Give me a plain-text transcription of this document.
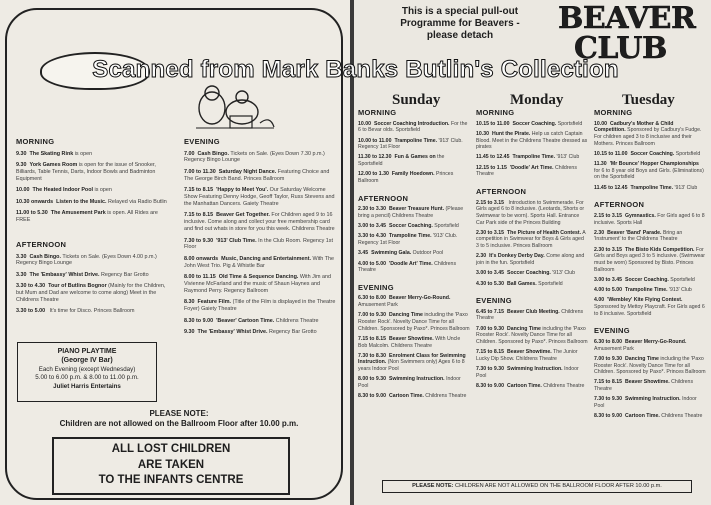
MORNING
9.30 The Skating Rink is open
9.30 York Games Room is open for the issue of Snooker, Billiards, Table Tennis, Darts, Indoor Bowls and Badminton Equipment
10.00 The Heated Indoor Pool is open
10.30 onwards Listen to the Music. Relayed via Radio Butlin
11.00 to 5.30 The Amusement Park is open. All Rides are FREE
AFTERNOON
3.30 Cash Bingo. Tickets on Sale. (Eyes Down 4.00 p.m.) Regency Bingo Lounge
3.30 The 'Embassy' Whist Drive. Regency Bar Grotto
3.30 to 4.30 Tour of Butlins Bognor (Mainly for the Children, but Mum and Dad are welcome to come along) Meet in the Childrens Theatre
3.30 to 5.00 It's time for Disco. Princes Ballroom
EVENING
7.00 Cash Bingo. Tickets on Sale. (Eyes Down 7.30 p.m.) Regency Bingo Lounge
7.00 to 11.30 Saturday Night Dance. Featuring Choice and The George Birch Band. Princes Ballroom
7.15 to 8.15 'Happy to Meet You'. Our Saturday Welcome Show Featuring Denny Hodge, Geoff Taylor, Russ Stevens and the Manhattan Dancers. Gaiety Theatre
7.15 to 8.15 Beaver Get Together. For Children aged 9 to 16 inclusive. Come along and collect your free membership card and find out whats in store for you this week. Childrens Theatre
7.30 to 9.30 '913' Club Time. In the Club Room. Regency 1st Floor
8.00 onwards Music, Dancing and Entertainment. With The John West Trio. Pig & Whistle Bar
8.00 to 11.15 Old Time & Sequence Dancing. With Jim and Vivienne McFarland and the music of Shaun Haynes and Raymond Perry. Regency Ballroom
8.30 Feature Film. (Title of the Film is displayed in the Theatre Foyer) Gaiety Theatre
8.30 to 9.00 'Beaver' Cartoon Time. Childrens Theatre
9.30 The 'Embassy' Whist Drive. Regency Bar Grotto
PIANO PLAYTIME
(George IV Bar)
Each Evening (except Wednesday)
5.00 to 6.00 p.m. & 8.00 to 11.00 p.m.
Juliet Harris Entertains
PLEASE NOTE:
Children are not allowed on the Ballroom Floor after 10.00 p.m.
ALL LOST CHILDREN
ARE TAKEN
TO THE INFANTS CENTRE
This is a special pull-out
Programme for Beavers -
please detach	BEAVER
CLUB
Sunday	Monday	Tuesday
MORNING
10.00 Soccer Coaching Introduction. For the 6 to Bevar olds. Sportsfield
10.00 to 11.00 Trampoline Time. '913' Club. Regency 1st Floor
11.30 to 12.30 Fun & Games on the Sportsfield
12.00 to 1.30 Family Hoedown. Princes Ballroom
AFTERNOON
2.30 to 3.30 Beaver Treasure Hunt. (Please bring a pencil) Childrens Theatre
3.00 to 3.45 Soccer Coaching. Sportsfield
3.30 to 4.30 Trampoline Time. '913' Club. Regency 1st Floor
3.45 Swimming Gala. Outdoor Pool
4.00 to 5.00 'Doodle Art' Time. Childrens Theatre
EVENING
6.30 to 8.00 Beaver Merry-Go-Round. Amusement Park
7.00 to 9.30 Dancing Time including the 'Paxo Rooster Rock'. Novelty Dance Time for all Children. Sponsored by Paxo*. Princes Ballroom
7.15 to 8.15 Beaver Showtime. With Uncle Bob Malcolm. Childrens Theatre
7.30 to 8.30 Enrolment Class for Swimming Instruction. (Non Swimmers only) Ages 6 to 8 years Indoor Pool
8.00 to 9.30 Swimming Instruction. Indoor Pool
8.30 to 9.00 Cartoon Time. Childrens Theatre
MORNING
10.15 to 11.00 Soccer Coaching. Sportsfield
10.30 Hunt the Pirate. Help us catch Captain Blood. Meet in the Childrens Theatre dressed as pirates
11.45 to 12.45 Trampoline Time. '913' Club
12.15 to 1.15 'Doodle' Art Time. Childrens Theatre
AFTERNOON
2.15 to 3.15 Introduction to Swimmerade. For Girls aged 6 to 8 inclusive. (Leotards, Shorts or Swimwear to be worn). Sports Hall. Entrance Car Park side of the Princes Building
2.30 to 3.15 The Picture of Health Contest. A competition in Swimwear for Boys & Girls aged 3 to 5 inclusive. Princes Ballroom
2.30 It's Donkey Derby Day. Come along and join in the fun. Sportsfield
3.00 to 3.45 Soccer Coaching. '913' Club
4.30 to 5.30 Ball Games. Sportsfield
EVENING
6.45 to 7.15 Beaver Club Meeting. Childrens Theatre
7.00 to 9.30 Dancing Time including the 'Paxo Rooster Rock'. Novelty Dance Time for all Children. Sponsored by Paxo*. Princes Ballroom
7.15 to 8.15 Beaver Showtime. The Junior Lucky Dip Show. Childrens Theatre
7.30 to 9.30 Swimming Instruction. Indoor Pool
8.30 to 9.00 Cartoon Time. Childrens Theatre
MORNING
10.00 Cadbury's Mother & Child Competition. Sponsored by Cadbury's Fudge. For children aged 3 to 8 inclusive and their Mothers. Princes Ballroom
10.15 to 11.00 Soccer Coaching. Sportsfield
11.30 'Mr Bounce' Hopper Championships for 6 to 8 year old Boys and Girls. (Eliminations) on the Sportsfield
11.45 to 12.45 Trampoline Time. '913' Club
AFTERNOON
2.15 to 3.15 Gymnastics. For Girls aged 6 to 8 inclusive. Sports Hall
2.30 Beaver 'Band' Parade. Bring an 'Instrument' to the Childrens Theatre
2.30 to 3.15 The Bisto Kids Competition. For Girls and Boys aged 3 to 5 inclusive. (Swimwear must be worn) Sponsored by Bisto. Princes Ballroom
3.00 to 3.45 Soccer Coaching. Sportsfield
4.00 to 5.00 Trampoline Time. '913' Club
4.00 'Wembley' Kite Flying Contest. Sponsored by Mettoy Playcraft. For Girls aged 6 to 8 inclusive. Sportsfield
EVENING
6.30 to 8.00 Beaver Merry-Go-Round. Amusement Park
7.00 to 9.30 Dancing Time including the 'Paxo Rooster Rock'. Novelty Dance Time for all Children. Sponsored by Paxo*. Princes Ballroom
7.15 to 8.15 Beaver Showtime. Childrens Theatre
7.30 to 9.30 Swimming Instruction. Indoor Pool
8.30 to 9.00 Cartoon Time. Childrens Theatre
PLEASE NOTE: CHILDREN ARE NOT ALLOWED ON THE BALLROOM FLOOR AFTER 10.00 p.m.
Scanned from Mark Banks Butlin's Collection
